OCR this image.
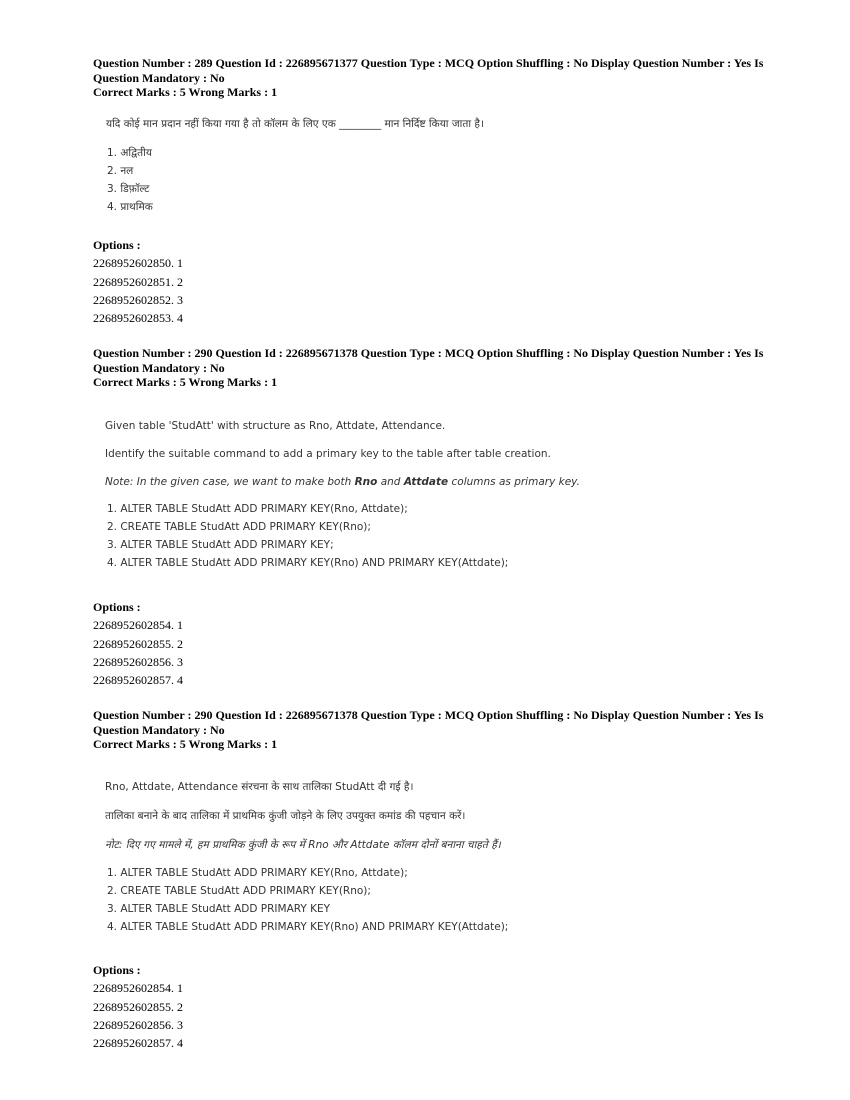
Question Number : 289 Question Id : 226895671377 Question Type : MCQ Option Shuffling : No Display Question Number : Yes Is
Question Mandatory : No
Correct Marks : 5 Wrong Marks : 1

यदि कोई मान प्रदान नहीं किया गया है तो कॉलम के लिए एक ________ मान निर्दिष्ट किया जाता है।

1. अद्वितीय
2. नल
3. डिफ़ॉल्ट
4. प्राथमिक
Options :
2268952602850. 1
2268952602851. 2
2268952602852. 3
2268952602853. 4
Question Number : 290 Question Id : 226895671378 Question Type : MCQ Option Shuffling : No Display Question Number : Yes Is
Question Mandatory : No
Correct Marks : 5 Wrong Marks : 1

Given table 'StudAtt' with structure as Rno, Attdate, Attendance.

Identify the suitable command to add a primary key to the table after table creation.

Note: In the given case, we want to make both Rno and Attdate columns as primary key.

1. ALTER TABLE StudAtt ADD PRIMARY KEY(Rno, Attdate);
2. CREATE TABLE StudAtt ADD PRIMARY KEY(Rno);
3. ALTER TABLE StudAtt ADD PRIMARY KEY;
4. ALTER TABLE StudAtt ADD PRIMARY KEY(Rno) AND PRIMARY KEY(Attdate);
Options :
2268952602854. 1
2268952602855. 2
2268952602856. 3
2268952602857. 4
Question Number : 290 Question Id : 226895671378 Question Type : MCQ Option Shuffling : No Display Question Number : Yes Is
Question Mandatory : No
Correct Marks : 5 Wrong Marks : 1

Rno, Attdate, Attendance संरचना के साथ तालिका StudAtt दी गई है।

तालिका बनाने के बाद तालिका में प्राथमिक कुंजी जोड़ने के लिए उपयुक्त कमांड की पहचान करें।

नोट: दिए गए मामले में, हम प्राथमिक कुंजी के रूप में Rno और Attdate कॉलम दोनों बनाना चाहते हैं।

1. ALTER TABLE StudAtt ADD PRIMARY KEY(Rno, Attdate);
2. CREATE TABLE StudAtt ADD PRIMARY KEY(Rno);
3. ALTER TABLE StudAtt ADD PRIMARY KEY
4. ALTER TABLE StudAtt ADD PRIMARY KEY(Rno) AND PRIMARY KEY(Attdate);
Options :
2268952602854. 1
2268952602855. 2
2268952602856. 3
2268952602857. 4
